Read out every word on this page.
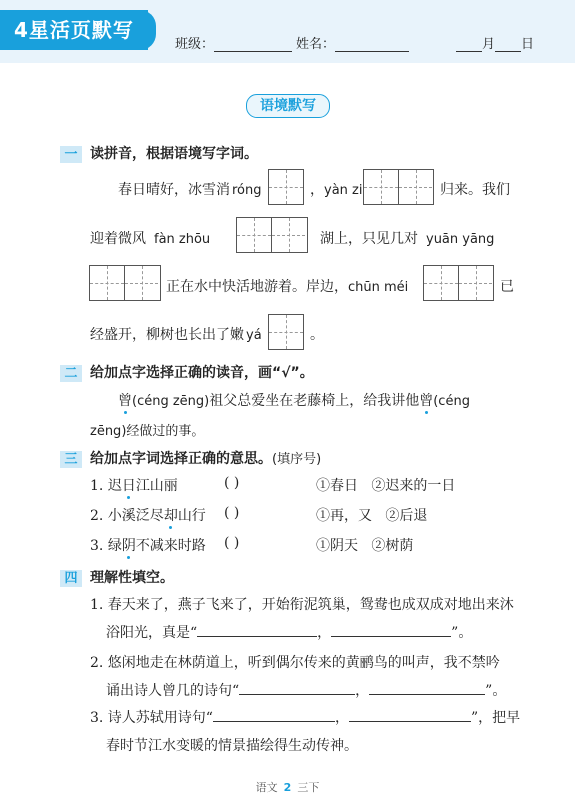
4星活页默写
班级：	姓名：	月 日
语境默写
一 读拼音，根据语境写字词。
春日晴好，冰雪消 róng	，yàn zi	归来。我们
迎着微风 fàn zhōu	湖上，只见几对 yuān yāng
正在水中快活地游着。岸边，chūn méi	已
经盛开，柳树也长出了嫩 yá	。
二 给加点字选择正确的读音，画“√”。
曾(céng zēng)祖父总爱坐在老藤椅上，给我讲他曾(céng
zēng)经做过的事。
三 给加点字词选择正确的意思。(填序号)
1. 迟日江山丽	( )	①春日 ②迟来的一日
2. 小溪泛尽却山行 ( )	①再，又 ②后退
3. 绿阴不减来时路 ( )	①阴天 ②树荫
四 理解性填空。
1. 春天来了，燕子飞来了，开始衔泥筑巢，鸳鸯也成双成对地出来沐
浴阳光，真是“	，	”。
2. 悠闲地走在林荫道上，听到偶尔传来的黄鹂鸟的叫声，我不禁吟
诵出诗人曾几的诗句“	，	”。
3. 诗人苏轼用诗句“	，	”，把早
春时节江水变暖的情景描绘得生动传神。
语文 2 三下
